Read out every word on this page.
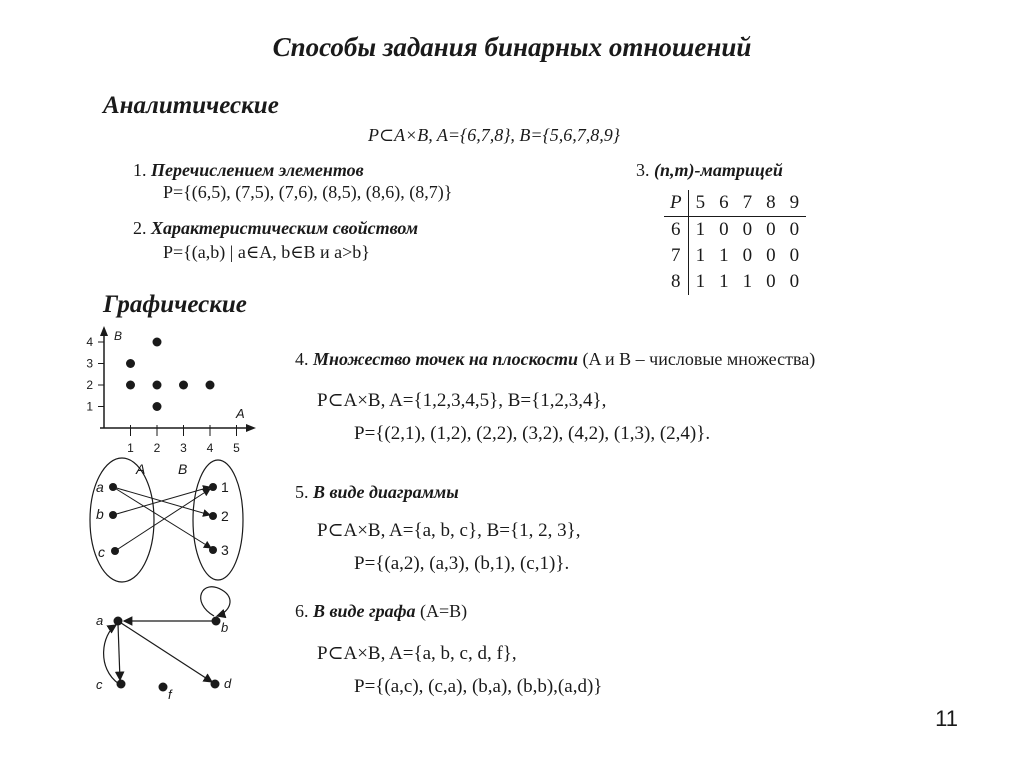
Способы задания бинарных отношений
Аналитические
P⊂A×B, A={6,7,8}, B={5,6,7,8,9}
1. Перечислением элементов
P={(6,5), (7,5), (7,6), (8,5), (8,6), (8,7)}
2. Характеристическим свойством
P={(a,b) | a∈A, b∈B и a>b}
3. (n,m)-матрицей
P	5	6	7	8	9
6	1	0	0	0	0
7	1	1	0	0	0
8	1	1	1	0	0
Графические
4. Множество точек на плоскости (A и B – числовые множества)
P⊂A×B, A={1,2,3,4,5}, B={1,2,3,4},
P={(2,1), (1,2), (2,2), (3,2), (4,2), (1,3), (2,4)}.
5. В виде диаграммы
P⊂A×B, A={a, b, c}, B={1, 2, 3},
P={(a,2), (a,3), (b,1), (c,1)}.
6. В виде графа (A=B)
P⊂A×B, A={a, b, c, d, f},
P={(a,c), (c,a), (b,a), (b,b),(a,d)}
1 2 3 4 5
1
2
3
4 B
A
A B
a
b
c
1
2
3
a	b
c	d
f
11
